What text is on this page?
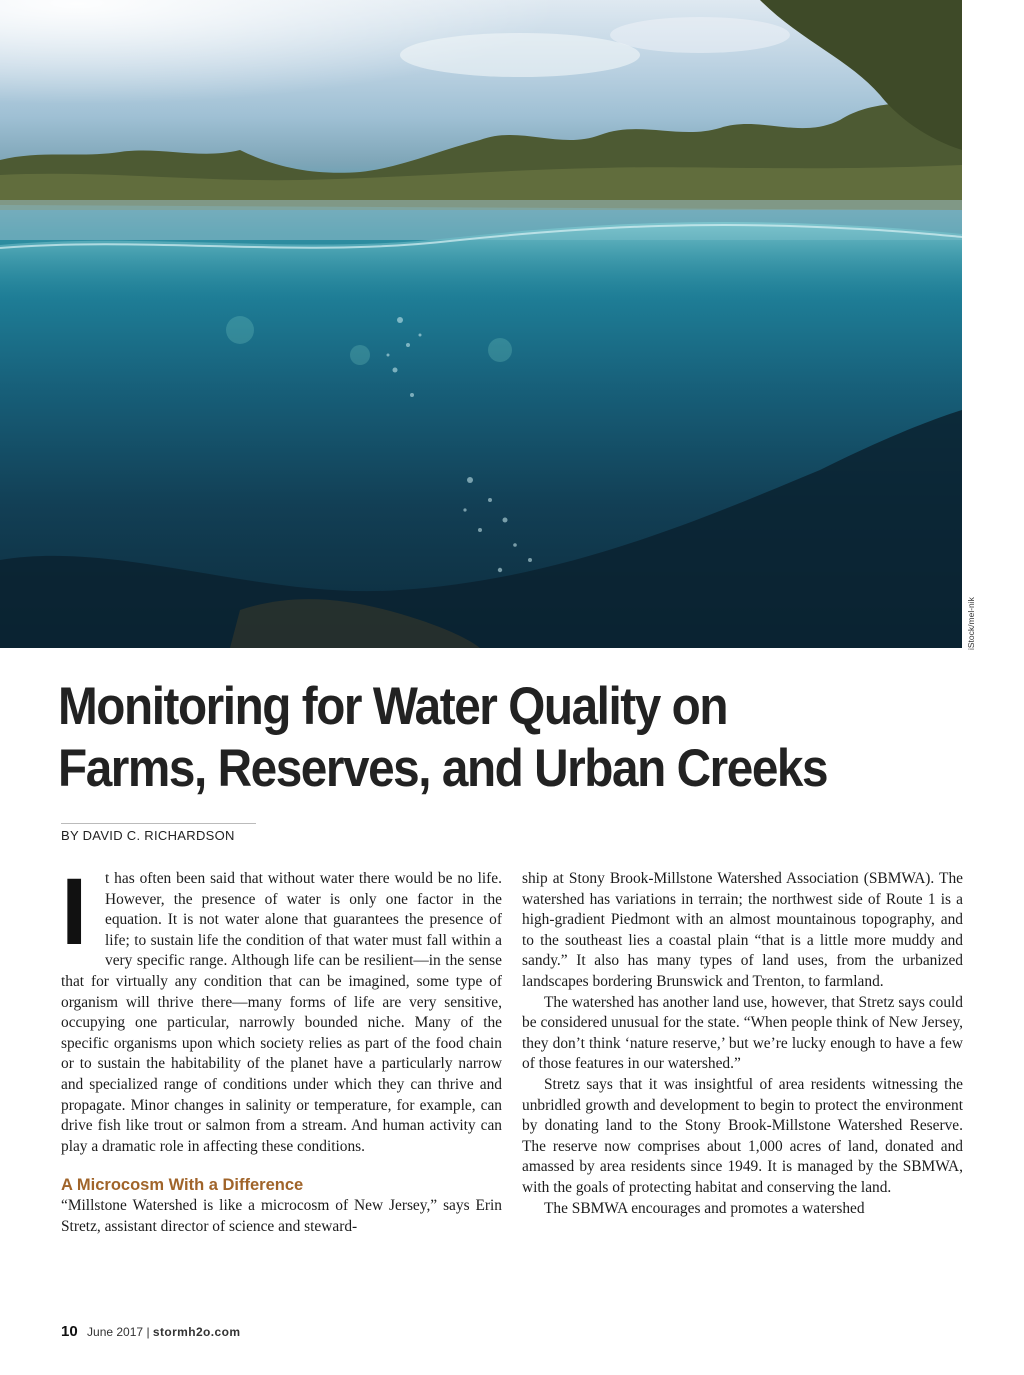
iStock/mel-nik
Monitoring for Water Quality on
Farms, Reserves, and Urban Creeks
BY DAVID C. RICHARDSON

I	t has often been said that without water there would be no life. However, the presence of water is only one factor in the equation. It is not water alone that guarantees the presence of life; to sustain life the condition of that water must fall within a very specific range. Although life can be resilient—in the sense that for virtually any condition that can be imagined, some type of organism will thrive there—many forms of life are very sensitive, occupying one particular, narrowly bounded niche. Many of the specific organisms upon which society relies as part of the food chain or to sustain the habitability of the planet have a particularly narrow and specialized range of conditions under which they can thrive and propagate. Minor changes in salinity or temperature, for example, can drive fish like trout or salmon from a stream. And human activity can play a dramatic role in affecting these conditions.

A Microcosm With a Difference

“Millstone Watershed is like a microcosm of New Jersey,” says Erin Stretz, assistant director of science and steward-

ship at Stony Brook-Millstone Watershed Association (SBMWA). The watershed has variations in terrain; the northwest side of Route 1 is a high-gradient Piedmont with an almost mountainous topography, and to the southeast lies a coastal plain “that is a little more muddy and sandy.” It also has many types of land uses, from the urbanized landscapes bordering Brunswick and Trenton, to farmland.

The watershed has another land use, however, that Stretz says could be considered unusual for the state. “When people think of New Jersey, they don’t think ‘nature reserve,’ but we’re lucky enough to have a few of those features in our watershed.”

Stretz says that it was insightful of area residents witnessing the unbridled growth and development to begin to protect the environment by donating land to the Stony Brook-Millstone Watershed Reserve. The reserve now comprises about 1,000 acres of land, donated and amassed by area residents since 1949. It is managed by the SBMWA, with the goals of protecting habitat and conserving the land.

The SBMWA encourages and promotes a watershed

10 June 2017 | stormh2o.com
